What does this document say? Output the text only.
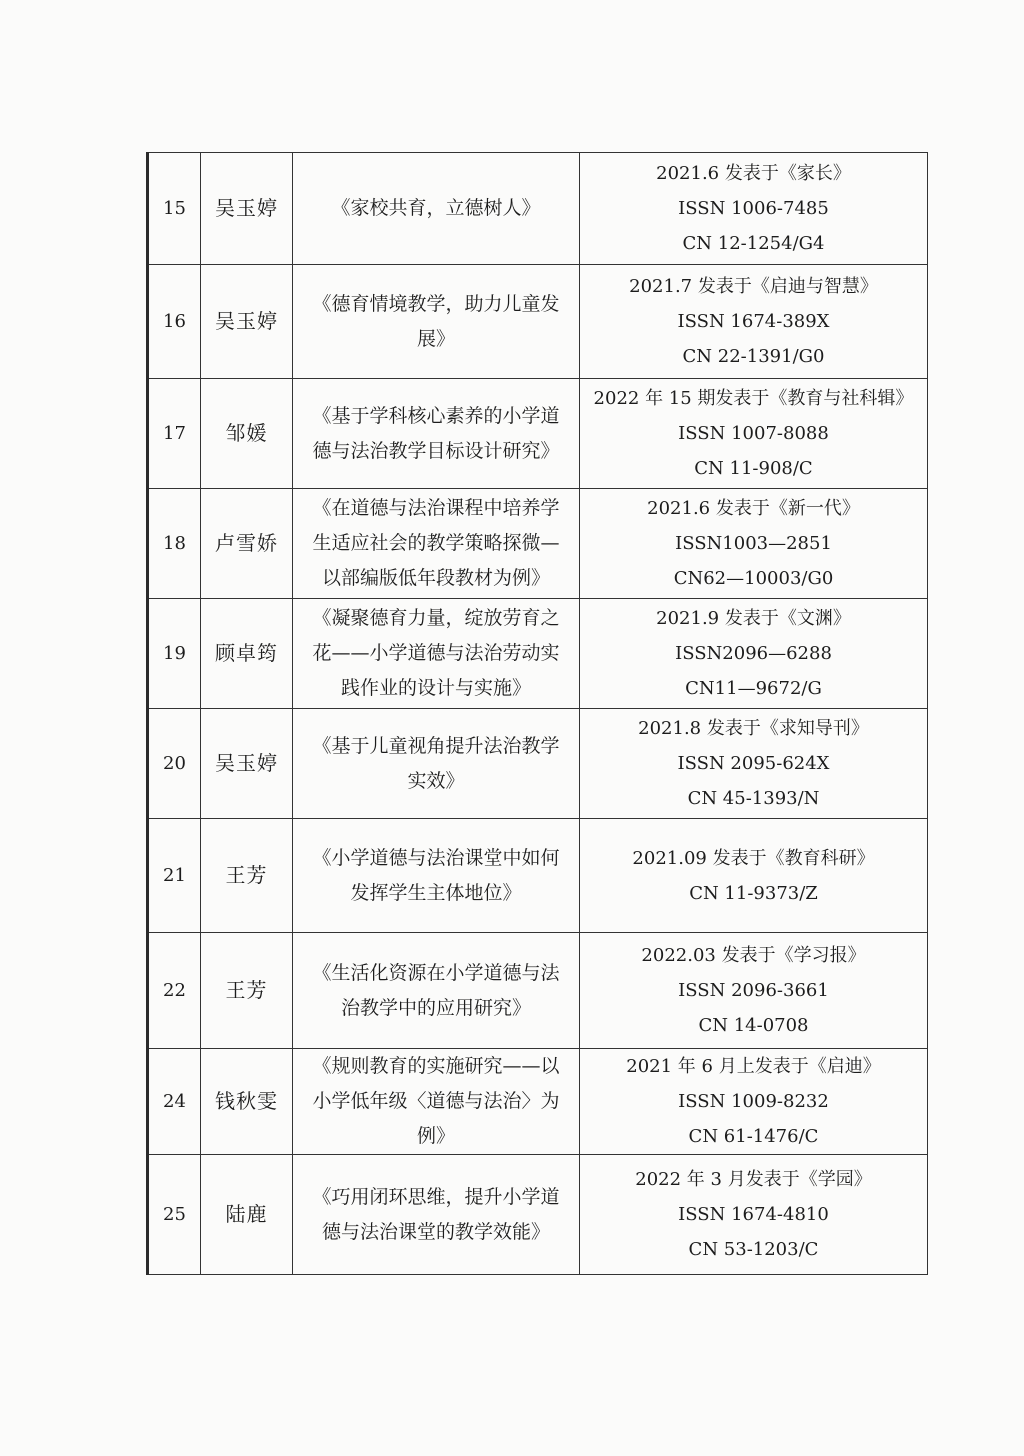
15	吴玉婷	《家校共育，立德树人》	2021.6 发表于《家长》
ISSN 1006-7485
CN 12-1254/G4

16	吴玉婷	《德育情境教学，助力儿童发
展》	2021.7 发表于《启迪与智慧》
ISSN 1674-389X
CN 22-1391/G0

17	邹媛	《基于学科核心素养的小学道
德与法治教学目标设计研究》	2022 年 15 期发表于《教育与社科辑》
ISSN 1007-8088
CN 11-908/C

18	卢雪娇	《在道德与法治课程中培养学
生适应社会的教学策略探微—
以部编版低年段教材为例》	2021.6 发表于《新一代》
ISSN1003—2851
CN62—10003/G0

19	顾卓筠	《凝聚德育力量，绽放劳育之
花——小学道德与法治劳动实
践作业的设计与实施》	2021.9 发表于《文渊》
ISSN2096—6288
CN11—9672/G

20	吴玉婷	《基于儿童视角提升法治教学
实效》	2021.8 发表于《求知导刊》
ISSN 2095-624X
CN 45-1393/N

21	王芳	《小学道德与法治课堂中如何
发挥学生主体地位》	2021.09 发表于《教育科研》
CN 11-9373/Z

22	王芳	《生活化资源在小学道德与法
治教学中的应用研究》	2022.03 发表于《学习报》
ISSN 2096-3661
CN 14-0708

24	钱秋雯	《规则教育的实施研究——以
小学低年级〈道德与法治〉为
例》	2021 年 6 月上发表于《启迪》
ISSN 1009-8232
CN 61-1476/C

25	陆鹿	《巧用闭环思维，提升小学道
德与法治课堂的教学效能》	2022 年 3 月发表于《学园》
ISSN 1674-4810
CN 53-1203/C
